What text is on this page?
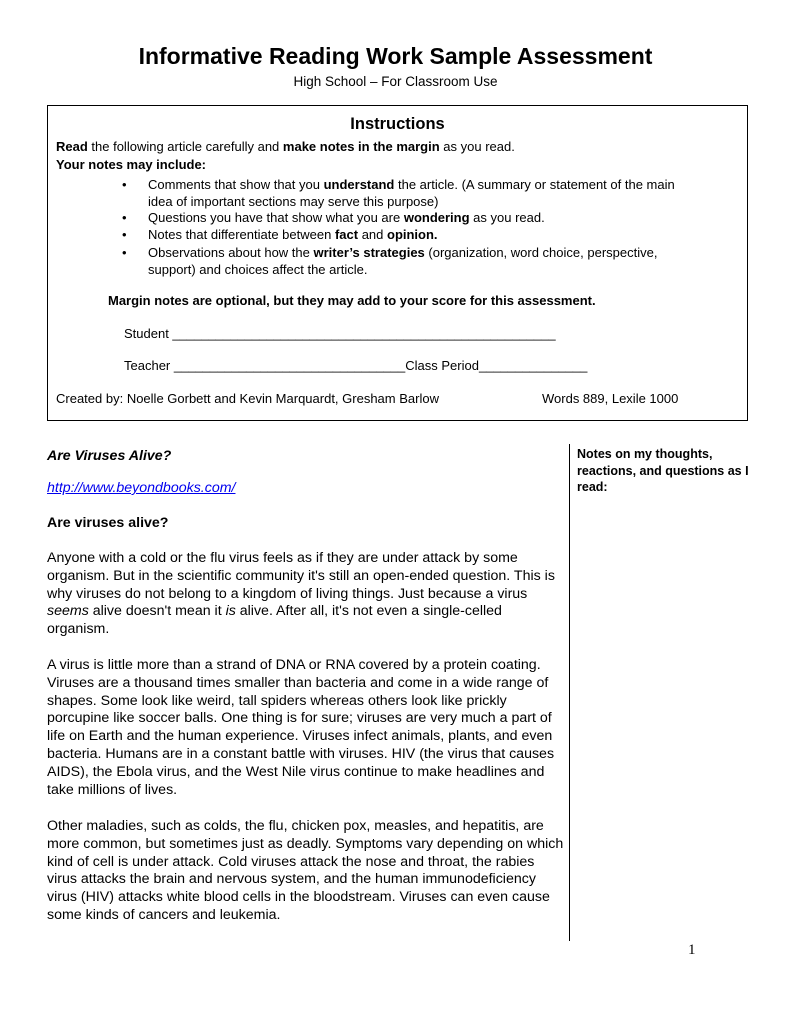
Informative Reading Work Sample Assessment
High School – For Classroom Use
Instructions
Read the following article carefully and make notes in the margin as you read.
Your notes may include:
• Comments that show that you understand the article. (A summary or statement of the main
idea of important sections may serve this purpose)
• Questions you have that show what you are wondering as you read.
• Notes that differentiate between fact and opinion.
• Observations about how the writer’s strategies (organization, word choice, perspective,
support) and choices affect the article.
Margin notes are optional, but they may add to your score for this assessment.
Student _____________________________________________________
Teacher ________________________________Class Period_______________
Created by: Noelle Gorbett and Kevin Marquardt, Gresham Barlow	Words 889, Lexile 1000
Are Viruses Alive?
http://www.beyondbooks.com/
Are viruses alive?

Anyone with a cold or the flu virus feels as if they are under attack by some organism. But in the scientific community it's still an open-ended question. This is why viruses do not belong to a kingdom of living things. Just because a virus seems alive doesn't mean it is alive. After all, it's not even a single-celled organism.

A virus is little more than a strand of DNA or RNA covered by a protein coating. Viruses are a thousand times smaller than bacteria and come in a wide range of shapes. Some look like weird, tall spiders whereas others look like prickly porcupine like soccer balls. One thing is for sure; viruses are very much a part of life on Earth and the human experience. Viruses infect animals, plants, and even bacteria. Humans are in a constant battle with viruses. HIV (the virus that causes AIDS), the Ebola virus, and the West Nile virus continue to make headlines and take millions of lives.

Other maladies, such as colds, the flu, chicken pox, measles, and hepatitis, are more common, but sometimes just as deadly. Symptoms vary depending on which kind of cell is under attack. Cold viruses attack the nose and throat, the rabies virus attacks the brain and nervous system, and the human immunodeficiency virus (HIV) attacks white blood cells in the bloodstream. Viruses can even cause some kinds of cancers and leukemia.

Notes on my thoughts, reactions, and questions as I read:
1
